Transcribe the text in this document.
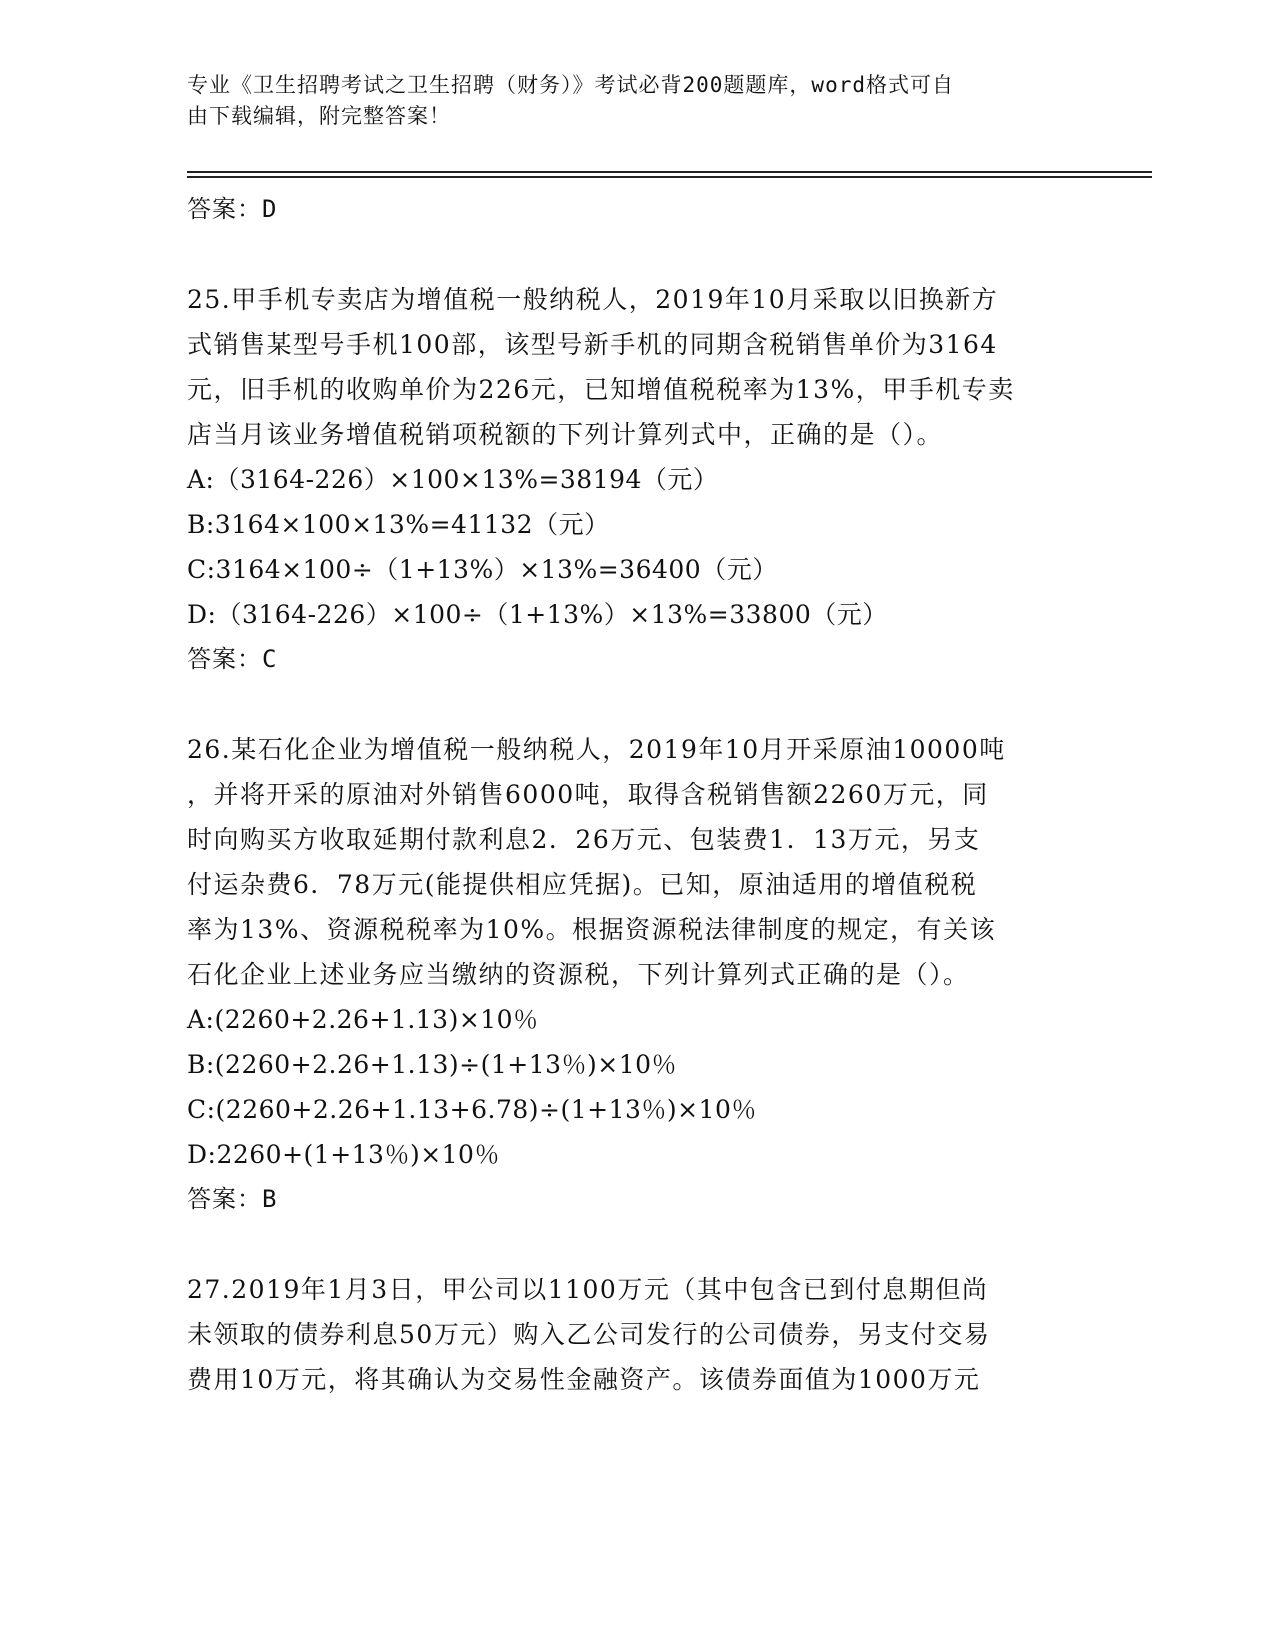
专业《卫生招聘考试之卫生招聘（财务）》考试必背200题题库，word格式可自
由下载编辑，附完整答案！
答案：D
25.甲手机专卖店为增值税一般纳税人，2019年10月采取以旧换新方
式销售某型号手机100部，该型号新手机的同期含税销售单价为3164
元，旧手机的收购单价为226元，已知增值税税率为13%，甲手机专卖
店当月该业务增值税销项税额的下列计算列式中，正确的是（）。
A:（3164-226）×100×13%=38194（元）
B:3164×100×13%=41132（元）
C:3164×100÷（1+13%）×13%=36400（元）
D:（3164-226）×100÷（1+13%）×13%=33800（元）
答案：C
26.某石化企业为增值税一般纳税人，2019年10月开采原油10000吨
，并将开采的原油对外销售6000吨，取得含税销售额2260万元，同
时向购买方收取延期付款利息2．26万元、包装费1．13万元，另支
付运杂费6．78万元(能提供相应凭据)。已知，原油适用的增值税税
率为13%、资源税税率为10%。根据资源税法律制度的规定，有关该
石化企业上述业务应当缴纳的资源税，下列计算列式正确的是（）。
A:(2260+2.26+1.13)×10％
B:(2260+2.26+1.13)÷(1+13％)×10％
C:(2260+2.26+1.13+6.78)÷(1+13％)×10％
D:2260+(1+13％)×10％
答案：B
27.2019年1月3日，甲公司以1100万元（其中包含已到付息期但尚
未领取的债券利息50万元）购入乙公司发行的公司债券，另支付交易
费用10万元，将其确认为交易性金融资产。该债券面值为1000万元
